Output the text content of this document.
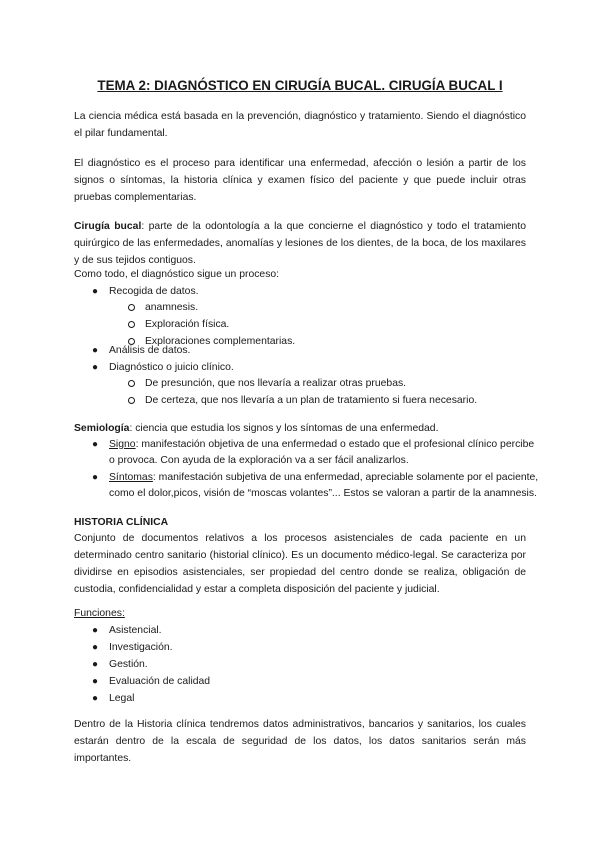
TEMA 2: DIAGNÓSTICO EN CIRUGÍA BUCAL. CIRUGÍA BUCAL I
La ciencia médica está basada en la prevención, diagnóstico y tratamiento. Siendo el diagnóstico el pilar fundamental.
El diagnóstico es el proceso para identificar una enfermedad, afección o lesión a partir de los signos o síntomas, la historia clínica y examen físico del paciente y que puede incluir otras pruebas complementarias.
Cirugía bucal: parte de la odontología a la que concierne el diagnóstico y todo el tratamiento quirúrgico de las enfermedades, anomalías y lesiones de los dientes, de la boca, de los maxilares y de sus tejidos contiguos.
Como todo, el diagnóstico sigue un proceso:
● Recogida de datos.
anamnesis.
Exploración física.
Exploraciones complementarias.
● Análisis de datos.
● Diagnóstico o juicio clínico.
De presunción, que nos llevaría a realizar otras pruebas.
De certeza, que nos llevaría a un plan de tratamiento si fuera necesario.
Semiología: ciencia que estudia los signos y los síntomas de una enfermedad.
● Signo: manifestación objetiva de una enfermedad o estado que el profesional clínico percibe
o provoca. Con ayuda de la exploración va a ser fácil analizarlos.
● Síntomas: manifestación subjetiva de una enfermedad, apreciable solamente por el paciente,
como el dolor,picos, visión de “moscas volantes”... Estos se valoran a partir de la anamnesis.
HISTORIA CLÍNICA
Conjunto de documentos relativos a los procesos asistenciales de cada paciente en un determinado centro sanitario (historial clínico). Es un documento médico-legal. Se caracteriza por dividirse en episodios asistenciales, ser propiedad del centro donde se realiza, obligación de custodia, confidencialidad y estar a completa disposición del paciente y judicial.
Funciones:
● Asistencial.
● Investigación.
● Gestión.
● Evaluación de calidad
● Legal
Dentro de la Historia clínica tendremos datos administrativos, bancarios y sanitarios, los cuales estarán dentro de la escala de seguridad de los datos, los datos sanitarios serán más importantes.
